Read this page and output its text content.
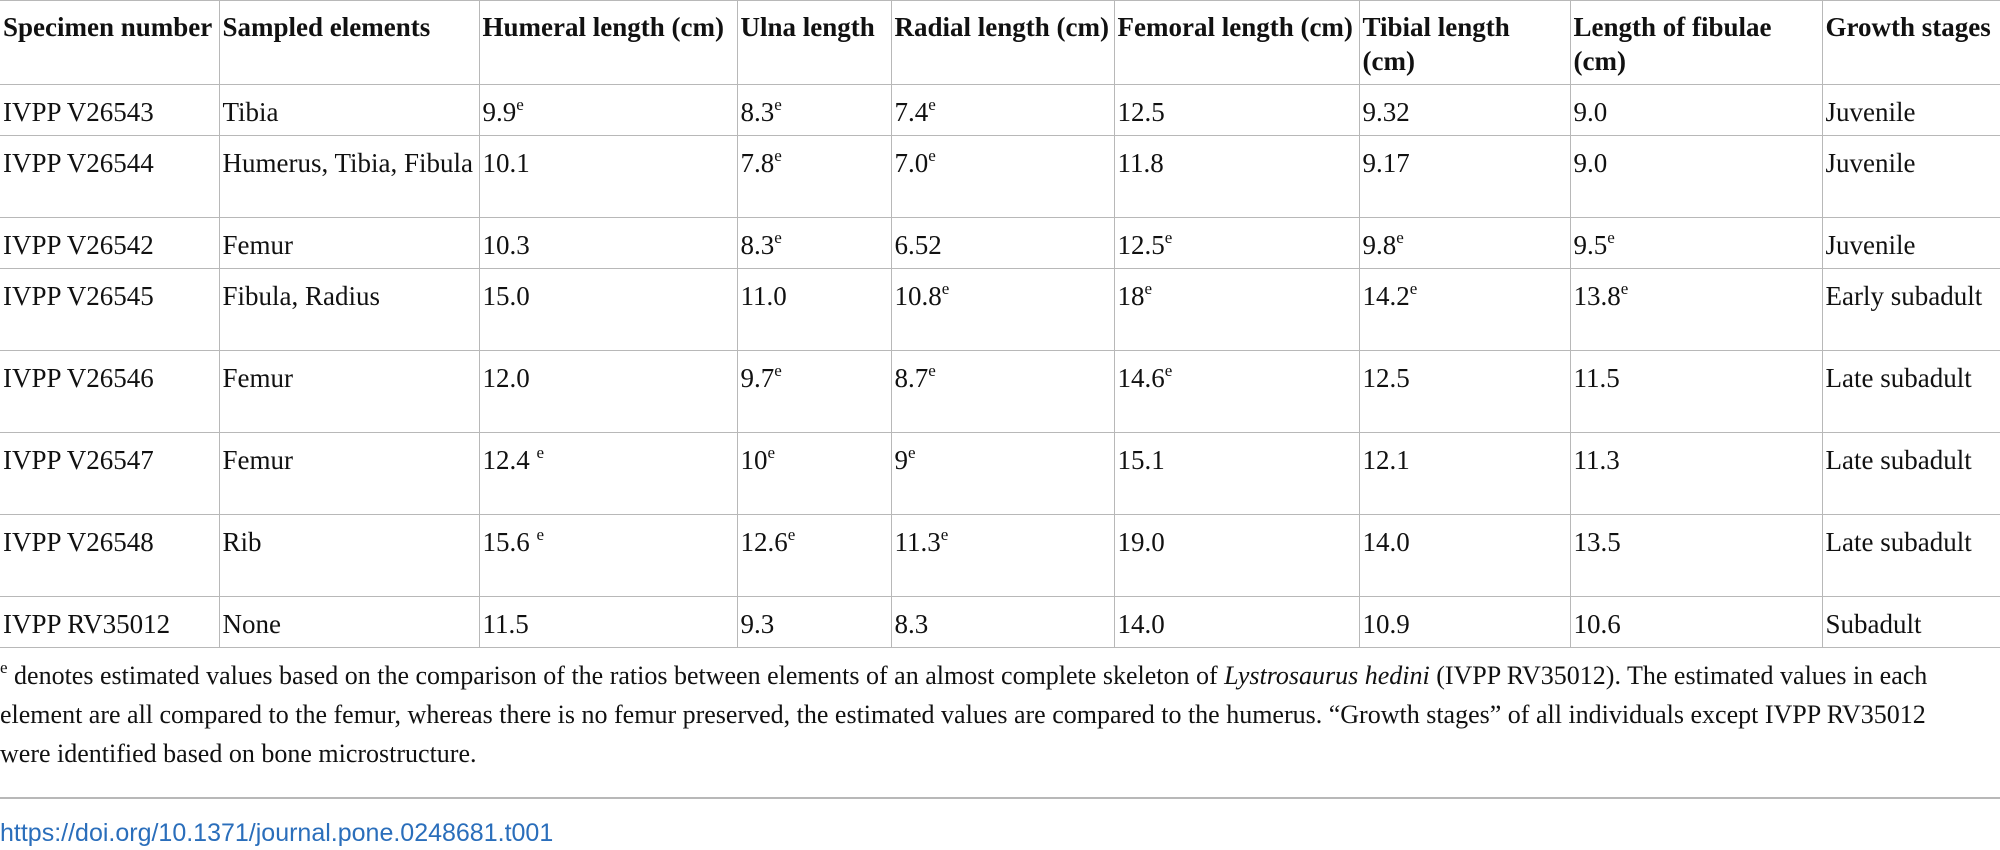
Specimen number	Sampled elements	Humeral length (cm)	Ulna length	Radial length (cm)	Femoral length (cm)	Tibial length (cm)	Length of fibulae (cm)	Growth stages
IVPP V26543	Tibia	9.9e	8.3e	7.4e	12.5	9.32	9.0	Juvenile
IVPP V26544	Humerus, Tibia, Fibula	10.1	7.8e	7.0e	11.8	9.17	9.0	Juvenile
IVPP V26542	Femur	10.3	8.3e	6.52	12.5e	9.8e	9.5e	Juvenile
IVPP V26545	Fibula, Radius	15.0	11.0	10.8e	18e	14.2e	13.8e	Early subadult
IVPP V26546	Femur	12.0	9.7e	8.7e	14.6e	12.5	11.5	Late subadult
IVPP V26547	Femur	12.4 $^e$	10e	9e	15.1	12.1	11.3	Late subadult
IVPP V26548	Rib	15.6 $^e$	12.6e	11.3e	19.0	14.0	13.5	Late subadult
IVPP RV35012	None	11.5	9.3	8.3	14.0	10.9	10.6	Subadult

$^e$ denotes estimated values based on the comparison of the ratios between elements of an almost complete skeleton of Lystrosaurus hedini (IVPP RV35012). The estimated values in each element are all compared to the femur, whereas there is no femur preserved, the estimated values are compared to the humerus. “Growth stages” of all individuals except IVPP RV35012 were identified based on bone microstructure.

https://doi.org/10.1371/journal.pone.0248681.t001
